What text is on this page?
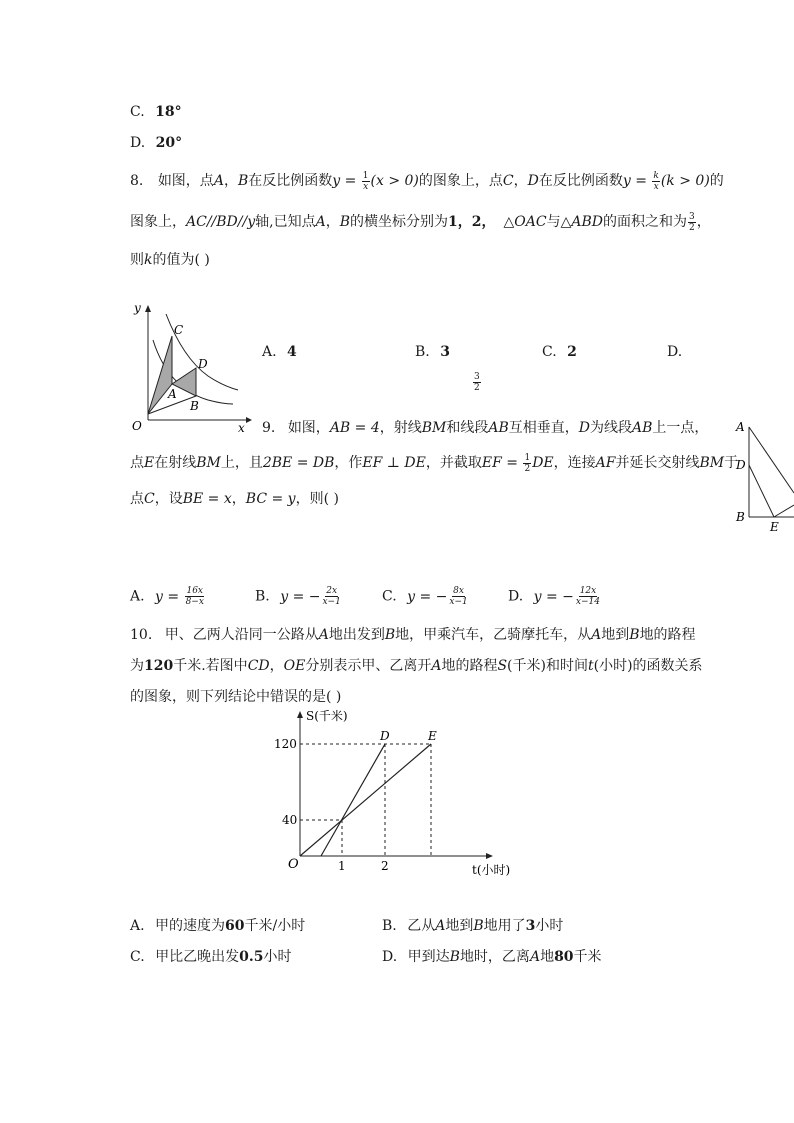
C. 18°
D. 20°
8. 如图，点A，B在反比例函数$y = \frac{1}{x} (x > 0)$的图象上，点C，D在反比例函数$y = \frac{k}{x} (k > 0)$的
图象上，AC//BD//y轴,已知点A，B的横坐标分别为1，2， △OAC与△ABD的面积之和为 $\frac{3}{2}$ ，
则k的值为( )
y
x
O
C
D
A
B
A. 4	B. 3	C. 2	D.
$\frac{3}{2}$
9. 如图，AB = 4，射线BM和线段AB互相垂直，D为线段AB上一点，
点E在射线BM上，且2BE = DB，作EF ⊥ DE，并截取EF = $\frac{1}{2}$ DE，连接AF并延长交射线BM于
点C，设BE = x，BC = y，则( )
A
D
B
E
A. $y = \frac{16x}{8-x}$	B. y = − $\frac{2x}{x-1}$	C. y = − $\frac{8x}{x-1}$	D. y = − $\frac{12x}{x-14}$
10. 甲、乙两人沿同一公路从A地出发到B地，甲乘汽车，乙骑摩托车，从A地到B地的路程
为120千米.若图中CD，OE分别表示甲、乙离开A地的路程S(千米)和时间t(小时)的函数关系
的图象，则下列结论中错误的是( )
S(千米)
t(小时)
O
120
40
1	2
D	E
A. 甲的速度为60千米/小时	B. 乙从A地到B地用了3小时
C. 甲比乙晚出发0.5小时	D. 甲到达B地时，乙离A地80千米
